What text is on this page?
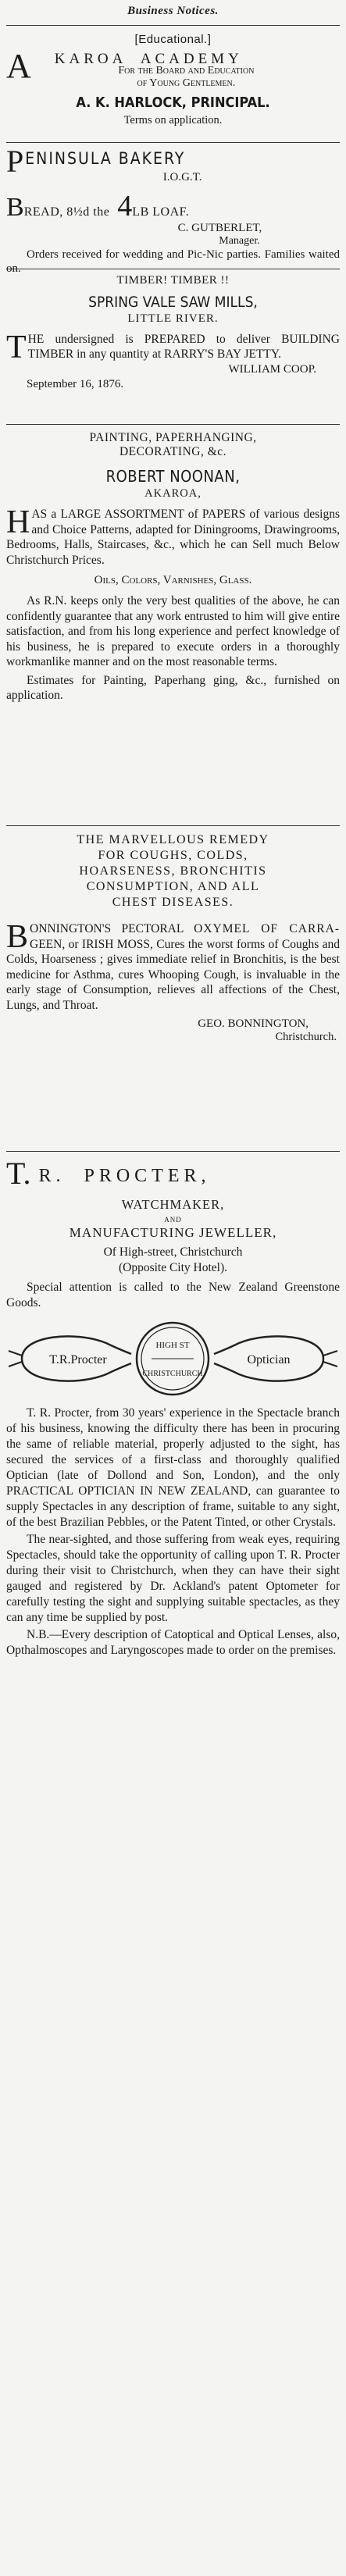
Business Notices.

[Educational.]

A KAROA  ACADEMY

For the Board and Education

of Young Gentlemen.

A. K. HARLOCK, PRINCIPAL.

Terms on application.

P ENINSULA BAKERY

I.O.G.T.

BREAD, 8½d the 4LB LOAF.

C. GUTBERLET,

Manager.

Orders received for wedding and Pic-Nic parties. Families waited on.

TIMBER! TIMBER !!

SPRING VALE SAW MILLS,

LITTLE RIVER.

T HE undersigned is PREPARED to deliver BUILDING TIMBER in any quantity at RARRY'S BAY JETTY.

WILLIAM COOP.

September 16, 1876.

PAINTING, PAPERHANGING,

DECORATING, &c.

ROBERT NOONAN,

AKAROA,

H AS a LARGE ASSORTMENT of PAPERS of various designs and Choice Patterns, adapted for Diningrooms, Drawingrooms, Bedrooms, Halls, Staircases, &c., which he can Sell much Below Christchurch Prices.

Oils, Colors, Varnishes, Glass.

As R.N. keeps only the very best qualities of the above, he can confidently guarantee that any work entrusted to him will give entire satisfaction, and from his long experience and perfect knowledge of his business, he is prepared to execute orders in a thoroughly workmanlike manner and on the most reasonable terms.

Estimates for Painting, Paperhang ging, &c., furnished on application.

THE MARVELLOUS REMEDY

FOR COUGHS, COLDS,

HOARSENESS, BRONCHITIS

CONSUMPTION, AND ALL

CHEST DISEASES.

B ONNINGTON'S PECTORAL OXYMEL OF CARRA- GEEN, or IRISH MOSS, Cures the worst forms of Coughs and Colds, Hoarseness ; gives immediate relief in Bronchitis, is the best medicine for Asthma, cures Whooping Cough, is invaluable in the early stage of Consumption, relieves all affections of the Chest, Lungs, and Throat.

GEO. BONNINGTON,

Christchurch.

T. R.  PROCTER,

WATCHMAKER,

AND

MANUFACTURING JEWELLER,

Of High-street, Christchurch

(Opposite City Hotel).

Special attention is called to the New Zealand Greenstone Goods.

T.R.Procter	Optician
HIGH ST
CHRISTCHURCH

T. R. Procter, from 30 years' experience in the Spectacle branch of his business, knowing the difficulty there has been in procuring the same of reliable material, properly adjusted to the sight, has secured the services of a first-class and thoroughly qualified Optician (late of Dollond and Son, London), and the only PRACTICAL OPTICIAN IN NEW ZEALAND, can guarantee to supply Spectacles in any description of frame, suitable to any sight, of the best Brazilian Pebbles, or the Patent Tinted, or other Crystals.

The near-sighted, and those suffering from weak eyes, requiring Spectacles, should take the opportunity of calling upon T. R. Procter during their visit to Christchurch, when they can have their sight gauged and registered by Dr. Ackland's patent Optometer for carefully testing the sight and supplying suitable spectacles, as they can any time be supplied by post.

N.B.—Every description of Catoptical and Optical Lenses, also, Opthalmoscopes and Laryngoscopes made to order on the premises.
